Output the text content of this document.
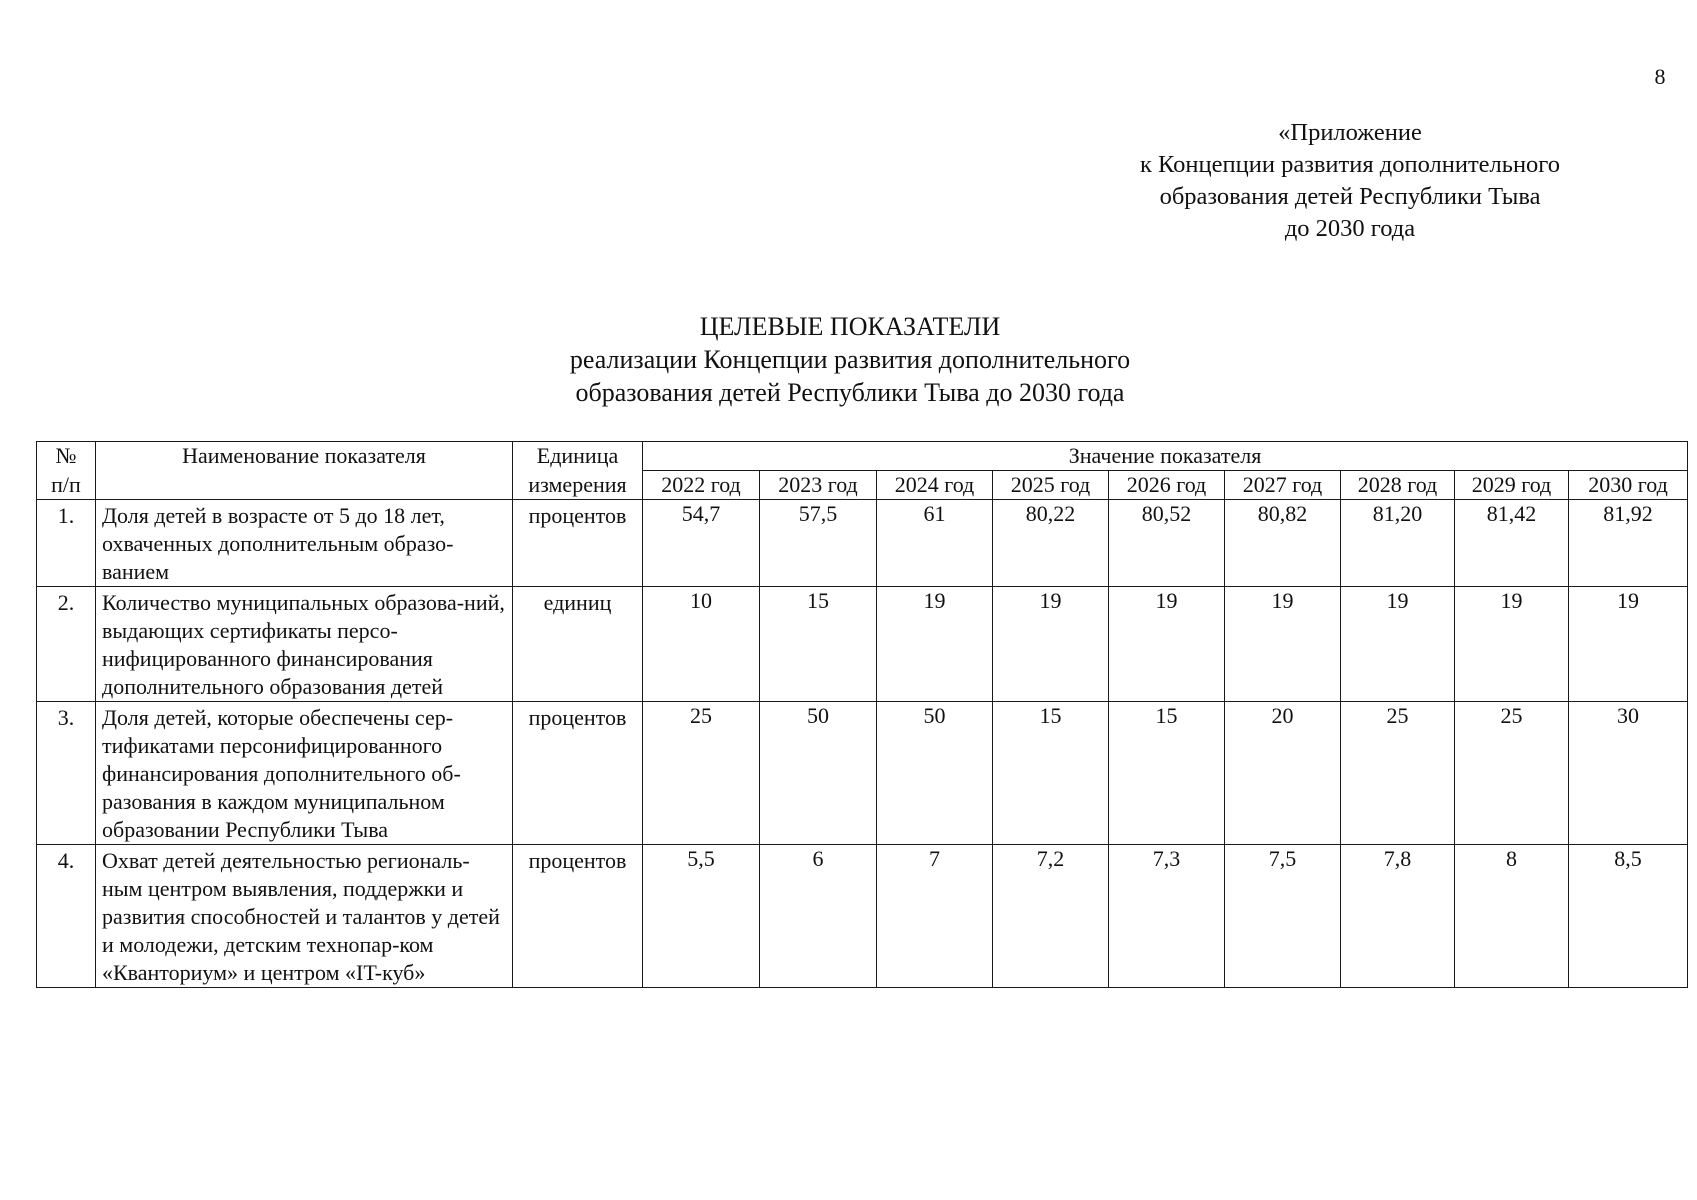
8
«Приложение
к Концепции развития дополнительного
образования детей Республики Тыва
до 2030 года
ЦЕЛЕВЫЕ ПОКАЗАТЕЛИ
реализации Концепции развития дополнительного
образования детей Республики Тыва до 2030 года
№	Наименование показателя	Единица	Значение показателя								
п/п		измерения	2022 год	2023 год	2024 год	2025 год	2026 год	2027 год	2028 год	2029 год	2030 год
1.	Доля детей в возрасте от 5 до 18 лет, охваченных дополнительным образо-ванием	процентов	54,7	57,5	61	80,22	80,52	80,82	81,20	81,42	81,92
2.	Количество муниципальных образова-ний, выдающих сертификаты персо-нифицированного финансирования дополнительного образования детей	единиц	10	15	19	19	19	19	19	19	19
3.	Доля детей, которые обеспечены сер-тификатами персонифицированного финансирования дополнительного об-разования в каждом муниципальном образовании Республики Тыва	процентов	25	50	50	15	15	20	25	25	30
4.	Охват детей деятельностью региональ-ным центром выявления, поддержки и развития способностей и талантов у детей и молодежи, детским технопар-ком «Кванториум» и центром «IT-куб»	процентов	5,5	6	7	7,2	7,3	7,5	7,8	8	8,5
